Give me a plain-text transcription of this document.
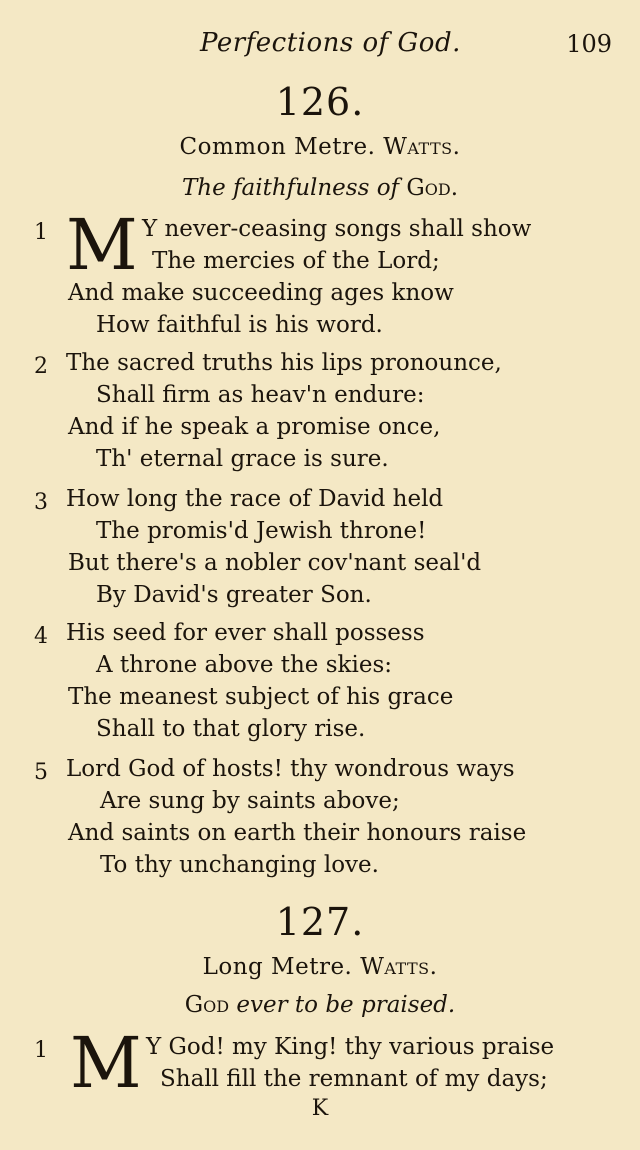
Perfections of God.	109
126.
Common Metre. Watts.
The faithfulness of God.
1 M Y never-ceasing songs shall show
The mercies of the Lord;
And make succeeding ages know
How faithful is his word.
2 The sacred truths his lips pronounce,
Shall firm as heav'n endure:
And if he speak a promise once,
Th' eternal grace is sure.
3 How long the race of David held
The promis'd Jewish throne!
But there's a nobler cov'nant seal'd
By David's greater Son.
4 His seed for ever shall possess
A throne above the skies:
The meanest subject of his grace
Shall to that glory rise.
5 Lord God of hosts! thy wondrous ways
Are sung by saints above;
And saints on earth their honours raise
To thy unchanging love.
127.
Long Metre. Watts.
God ever to be praised.
1 M Y God! my King! thy various praise
Shall fill the remnant of my days;
K
